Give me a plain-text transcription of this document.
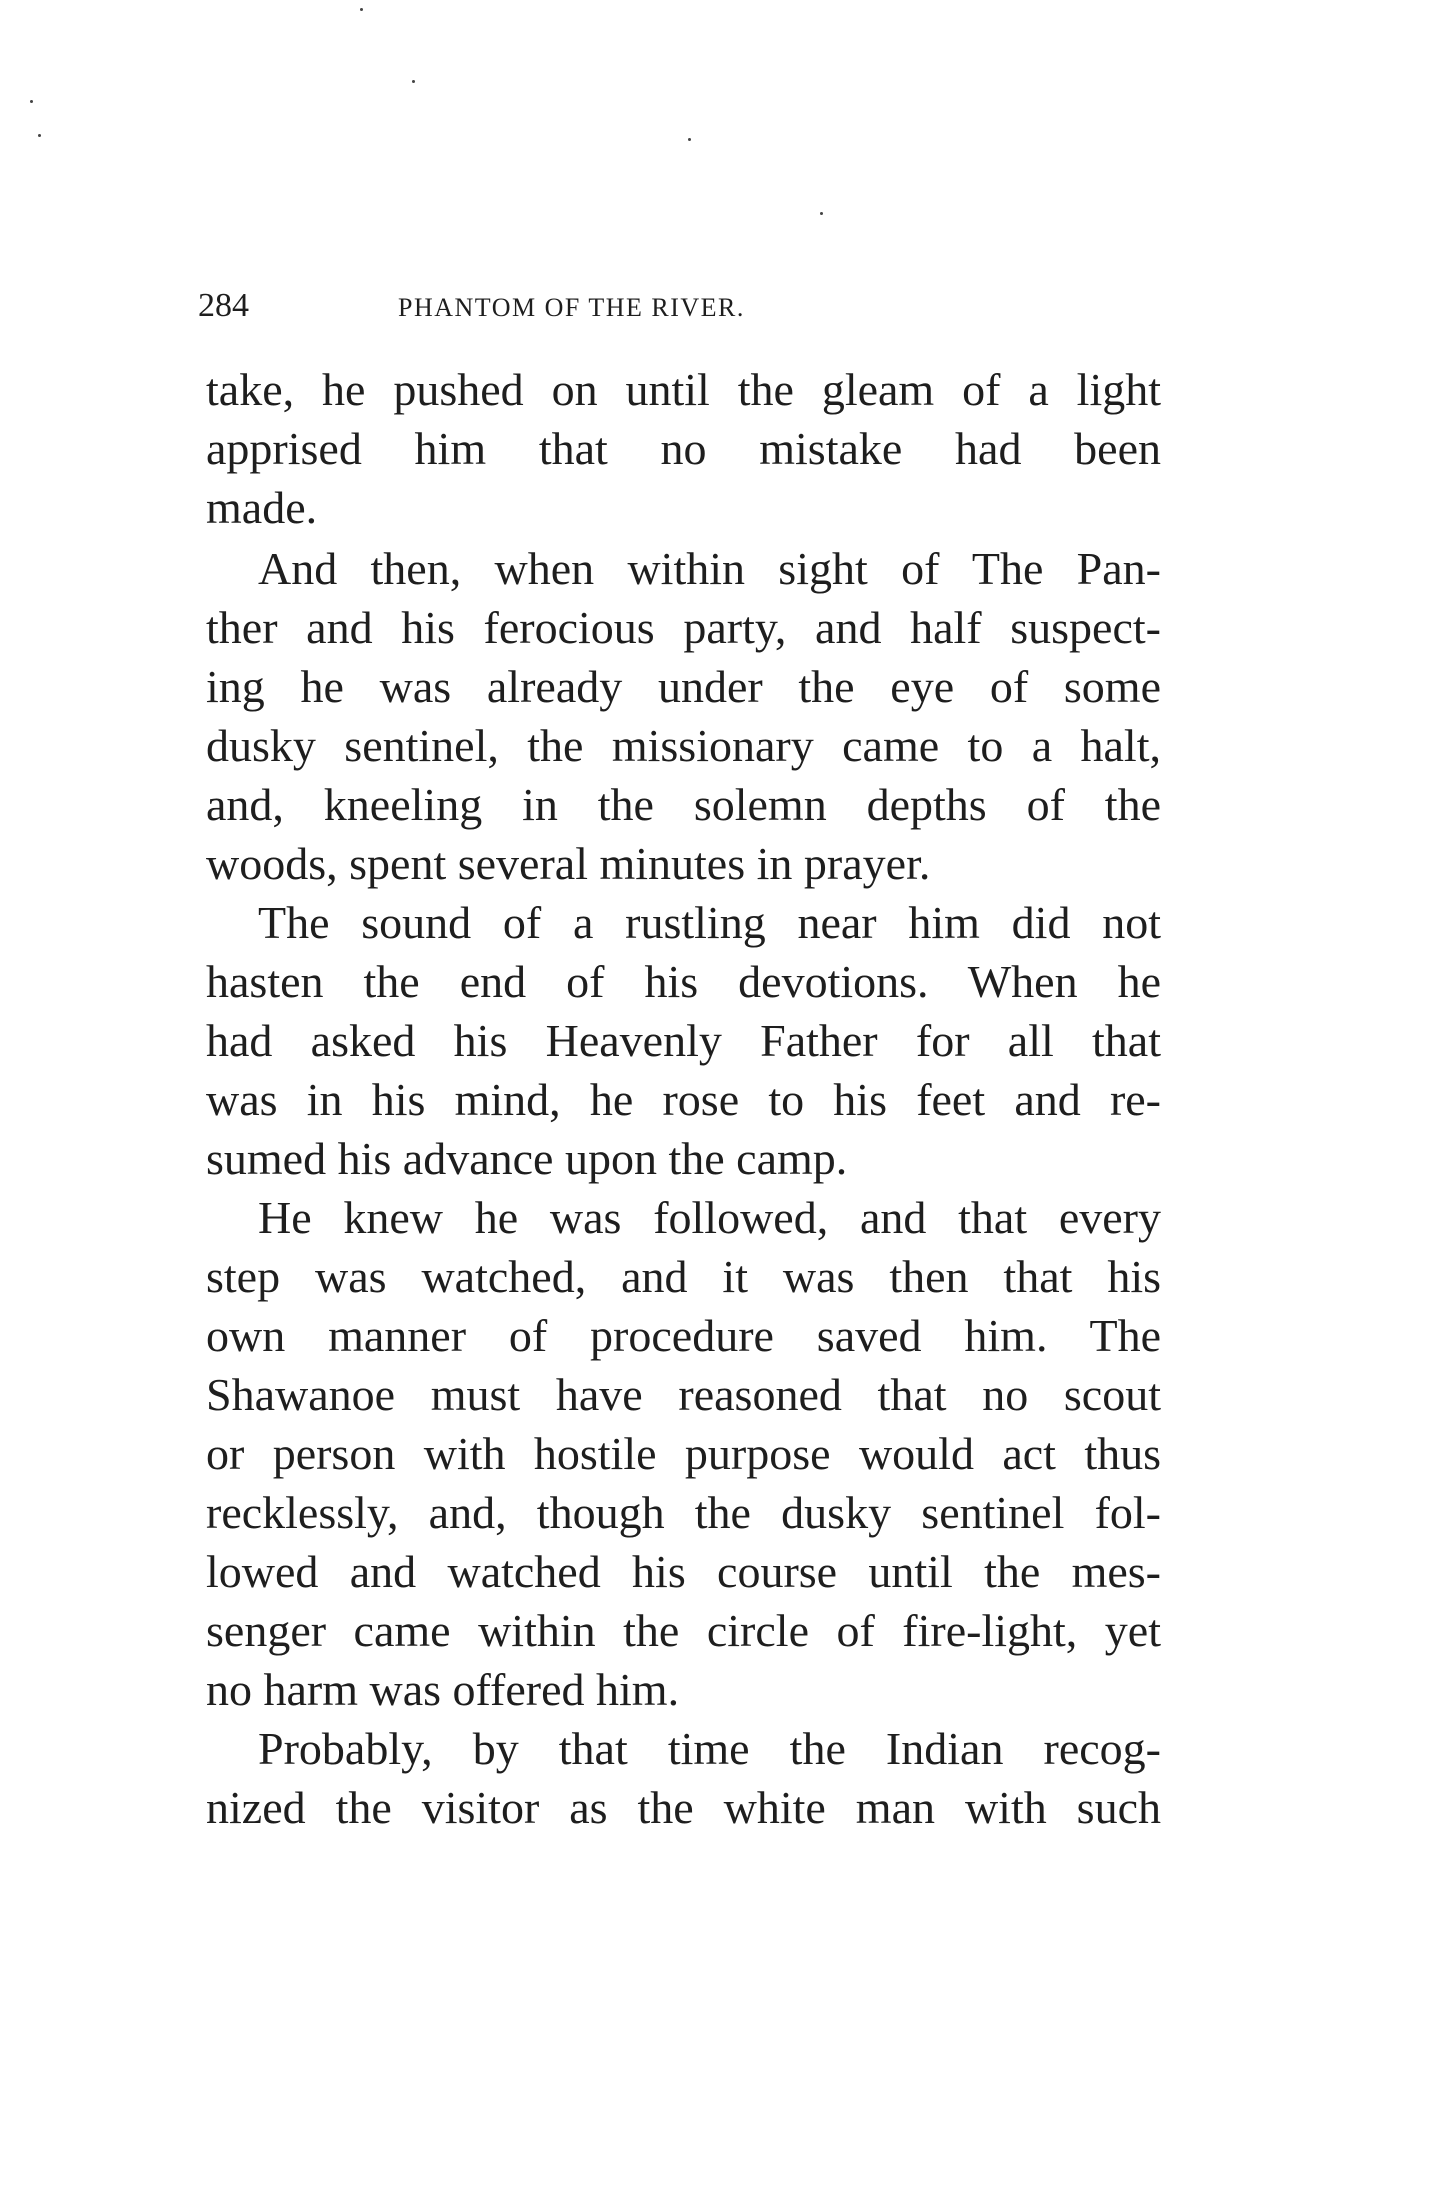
284	PHANTOM OF THE RIVER.
take, he pushed on until the gleam of a light
apprised him that no mistake had been
made.
And then, when within sight of The Pan-
ther and his ferocious party, and half suspect-
ing he was already under the eye of some
dusky sentinel, the missionary came to a halt,
and, kneeling in the solemn depths of the
woods, spent several minutes in prayer.
The sound of a rustling near him did not
hasten the end of his devotions. When he
had asked his Heavenly Father for all that
was in his mind, he rose to his feet and re-
sumed his advance upon the camp.
He knew he was followed, and that every
step was watched, and it was then that his
own manner of procedure saved him. The
Shawanoe must have reasoned that no scout
or person with hostile purpose would act thus
recklessly, and, though the dusky sentinel fol-
lowed and watched his course until the mes-
senger came within the circle of fire-light, yet
no harm was offered him.
Probably, by that time the Indian recog-
nized the visitor as the white man with such
